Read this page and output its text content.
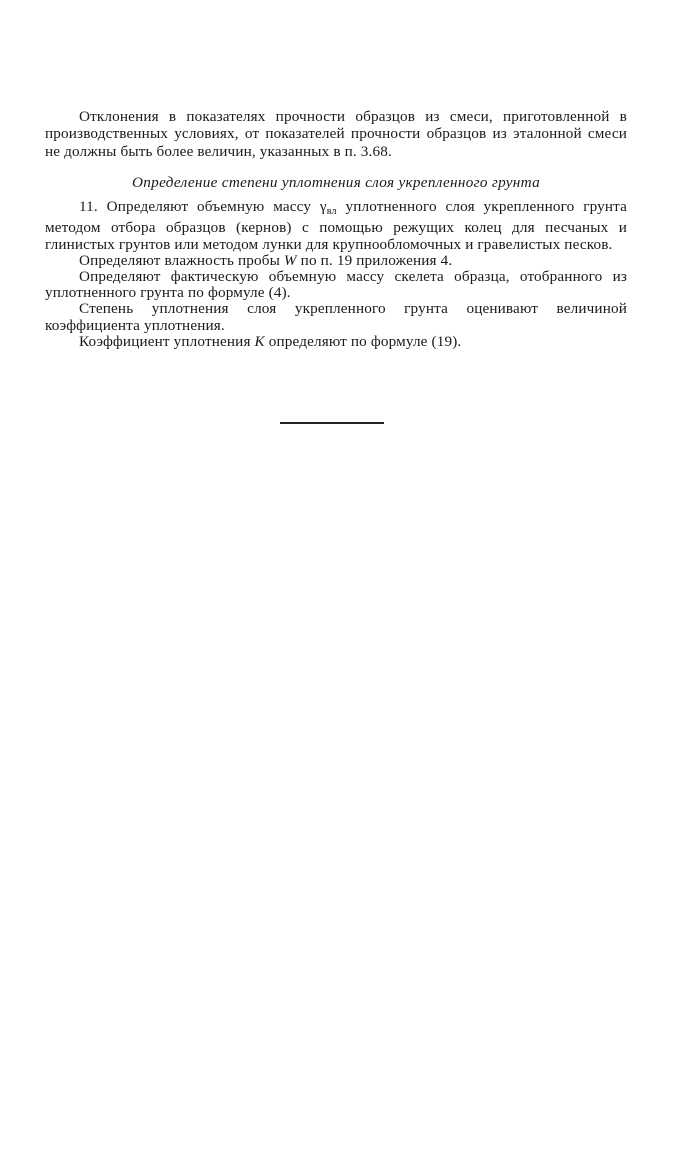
Отклонения в показателях прочности образцов из смеси, приготовленной в производственных условиях, от показателей прочности образцов из эталонной смеси не должны быть более величин, указанных в п. 3.68.

Определение степени уплотнения слоя укрепленного грунта

11. Определяют объемную массу $\gamma_{вл}$ уплотненного слоя укрепленного грунта методом отбора образцов (кернов) с помощью режущих колец для песчаных и глинистых грунтов или методом лунки для крупнообломочных и гравелистых песков.

Определяют влажность пробы W по п. 19 приложения 4.

Определяют фактическую объемную массу скелета образца, отобранного из уплотненного грунта по формуле (4).

Степень уплотнения слоя укрепленного грунта оценивают величиной коэффициента уплотнения.

Коэффициент уплотнения K определяют по формуле (19).
